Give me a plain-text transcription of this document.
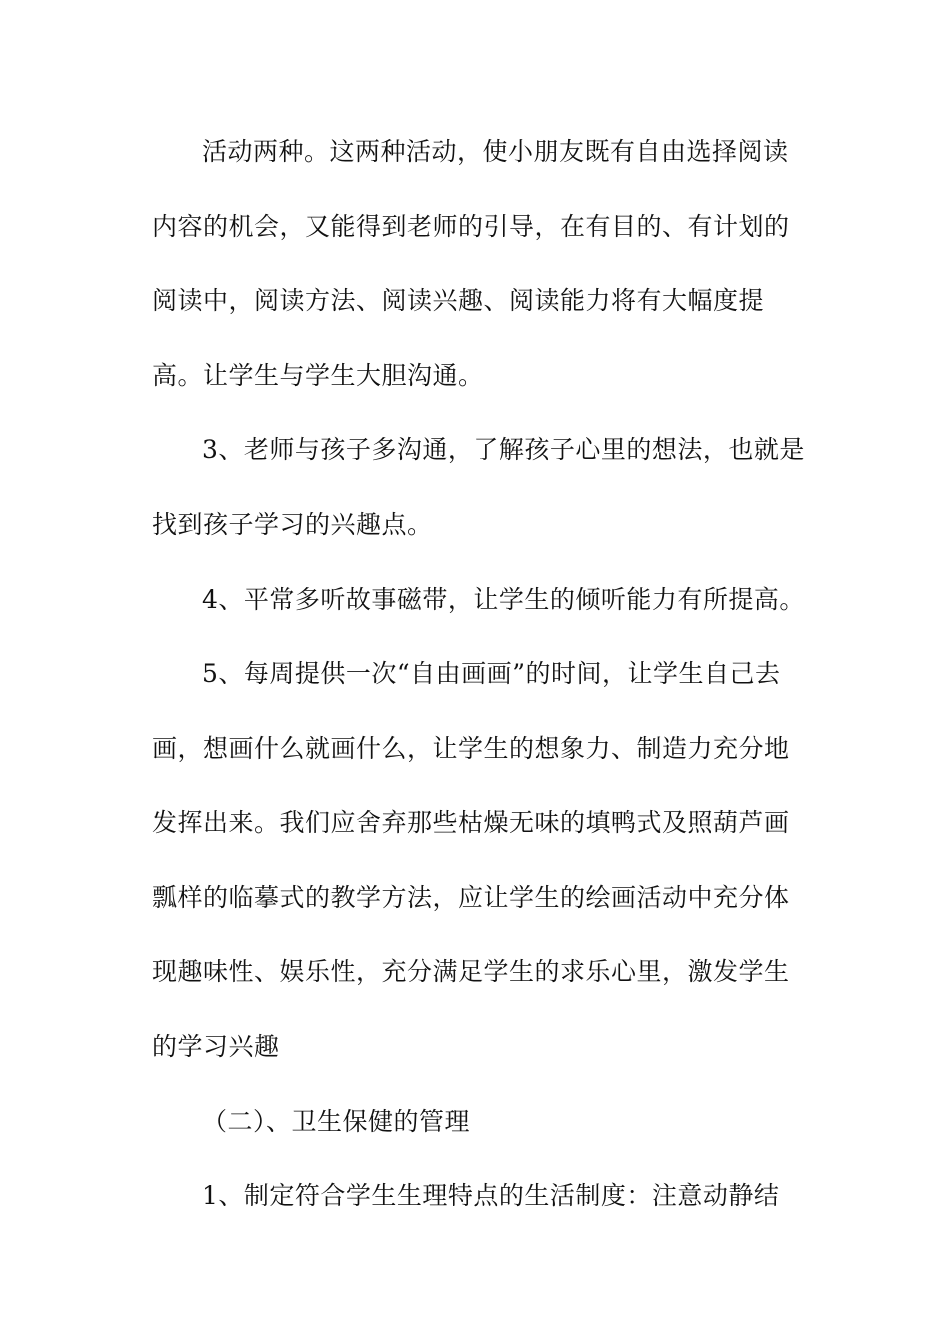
活动两种。这两种活动，使小朋友既有自由选择阅读
内容的机会，又能得到老师的引导，在有目的、有计划的
阅读中，阅读方法、阅读兴趣、阅读能力将有大幅度提
高。让学生与学生大胆沟通。
3、老师与孩子多沟通，了解孩子心里的想法，也就是
找到孩子学习的兴趣点。
4、平常多听故事磁带，让学生的倾听能力有所提高。
5、每周提供一次“自由画画”的时间，让学生自己去
画，想画什么就画什么，让学生的想象力、制造力充分地
发挥出来。我们应舍弃那些枯燥无味的填鸭式及照葫芦画
瓢样的临摹式的教学方法，应让学生的绘画活动中充分体
现趣味性、娱乐性，充分满足学生的求乐心里，激发学生
的学习兴趣
（二）、卫生保健的管理
1、制定符合学生生理特点的生活制度：注意动静结
